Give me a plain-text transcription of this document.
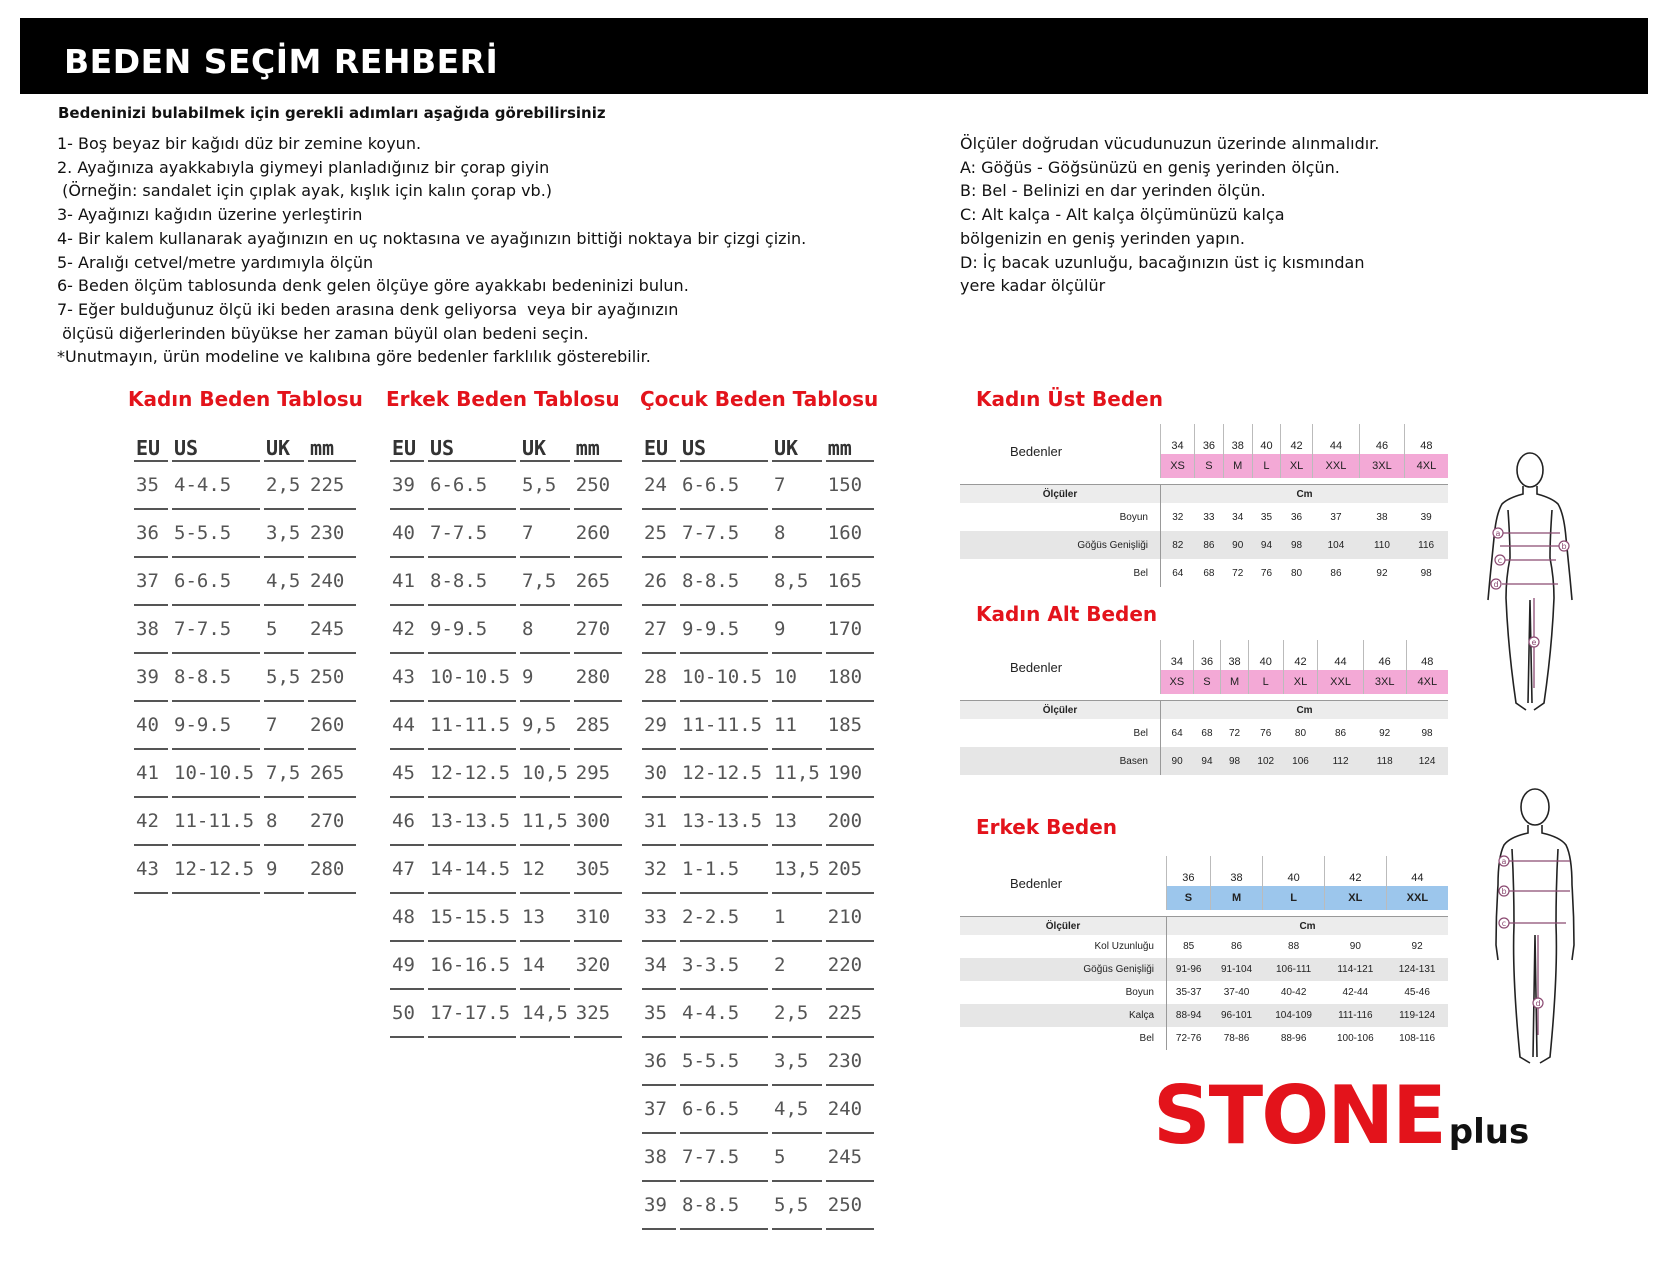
BEDEN SEÇİM REHBERİ
Bedeninizi bulabilmek için gerekli adımları aşağıda görebilirsiniz
1- Boş beyaz bir kağıdı düz bir zemine koyun.
2. Ayağınıza ayakkabıyla giymeyi planladığınız bir çorap giyin
(Örneğin: sandalet için çıplak ayak, kışlık için kalın çorap vb.)
3- Ayağınızı kağıdın üzerine yerleştirin
4- Bir kalem kullanarak ayağınızın en uç noktasına ve ayağınızın bittiği noktaya bir çizgi çizin.
5- Aralığı cetvel/metre yardımıyla ölçün
6- Beden ölçüm tablosunda denk gelen ölçüye göre ayakkabı bedeninizi bulun.
7- Eğer bulduğunuz ölçü iki beden arasına denk geliyorsa  veya bir ayağınızın
ölçüsü diğerlerinden büyükse her zaman büyül olan bedeni seçin.
*Unutmayın, ürün modeline ve kalıbına göre bedenler farklılık gösterebilir.
Ölçüler doğrudan vücudunuzun üzerinde alınmalıdır.
A: Göğüs - Göğsünüzü en geniş yerinden ölçün.
B: Bel - Belinizi en dar yerinden ölçün.
C: Alt kalça - Alt kalça ölçümünüzü kalça
bölgenizin en geniş yerinden yapın.
D: İç bacak uzunluğu, bacağınızın üst iç kısmından
yere kadar ölçülür
Kadın Beden Tablosu Erkek Beden Tablosu Çocuk Beden Tablosu
EU	US	UK	mm
35	4-4.5	2,5	225
36	5-5.5	3,5	230
37	6-6.5	4,5	240
38	7-7.5	5	245
39	8-8.5	5,5	250
40	9-9.5	7	260
41	10-10.5	7,5	265
42	11-11.5	8	270
43	12-12.5	9	280
EU	US	UK	mm
39	6-6.5	5,5	250
40	7-7.5	7	260
41	8-8.5	7,5	265
42	9-9.5	8	270
43	10-10.5	9	280
44	11-11.5	9,5	285
45	12-12.5	10,5	295
46	13-13.5	11,5	300
47	14-14.5	12	305
48	15-15.5	13	310
49	16-16.5	14	320
50	17-17.5	14,5	325
EU	US	UK	mm
24	6-6.5	7	150
25	7-7.5	8	160
26	8-8.5	8,5	165
27	9-9.5	9	170
28	10-10.5	10	180
29	11-11.5	11	185
30	12-12.5	11,5	190
31	13-13.5	13	200
32	1-1.5	13,5	205
33	2-2.5	1	210
34	3-3.5	2	220
35	4-4.5	2,5	225
36	5-5.5	3,5	230
37	6-6.5	4,5	240
38	7-7.5	5	245
39	8-8.5	5,5	250
Kadın Üst Beden
Kadın Alt Beden
Erkek Beden
Bedenler	34	36	38	40	42	44	46	48
	XS	S	M	L	XL	XXL	3XL	4XL

Ölçüler	Cm							
Boyun	32	33	34	35	36	37	38	39
Göğüs Genişliği	82	86	90	94	98	104	110	116
Bel	64	68	72	76	80	86	92	98
Bedenler	34	36	38	40	42	44	46	48
	XS	S	M	L	XL	XXL	3XL	4XL

Ölçüler	Cm							
Bel	64	68	72	76	80	86	92	98
Basen	90	94	98	102	106	112	118	124
Bedenler	36	38	40	42	44
	S	M	L	XL	XXL

Ölçüler	Cm				
Kol Uzunluğu	85	86	88	90	92
Göğüs Genişliği	91-96	91-104	106-111	114-121	124-131
Boyun	35-37	37-40	40-42	42-44	45-46
Kalça	88-94	96-101	104-109	111-116	119-124
Bel	72-76	78-86	88-96	100-106	108-116
a
b
c
d
e
a
b
c
d
STONE plus
